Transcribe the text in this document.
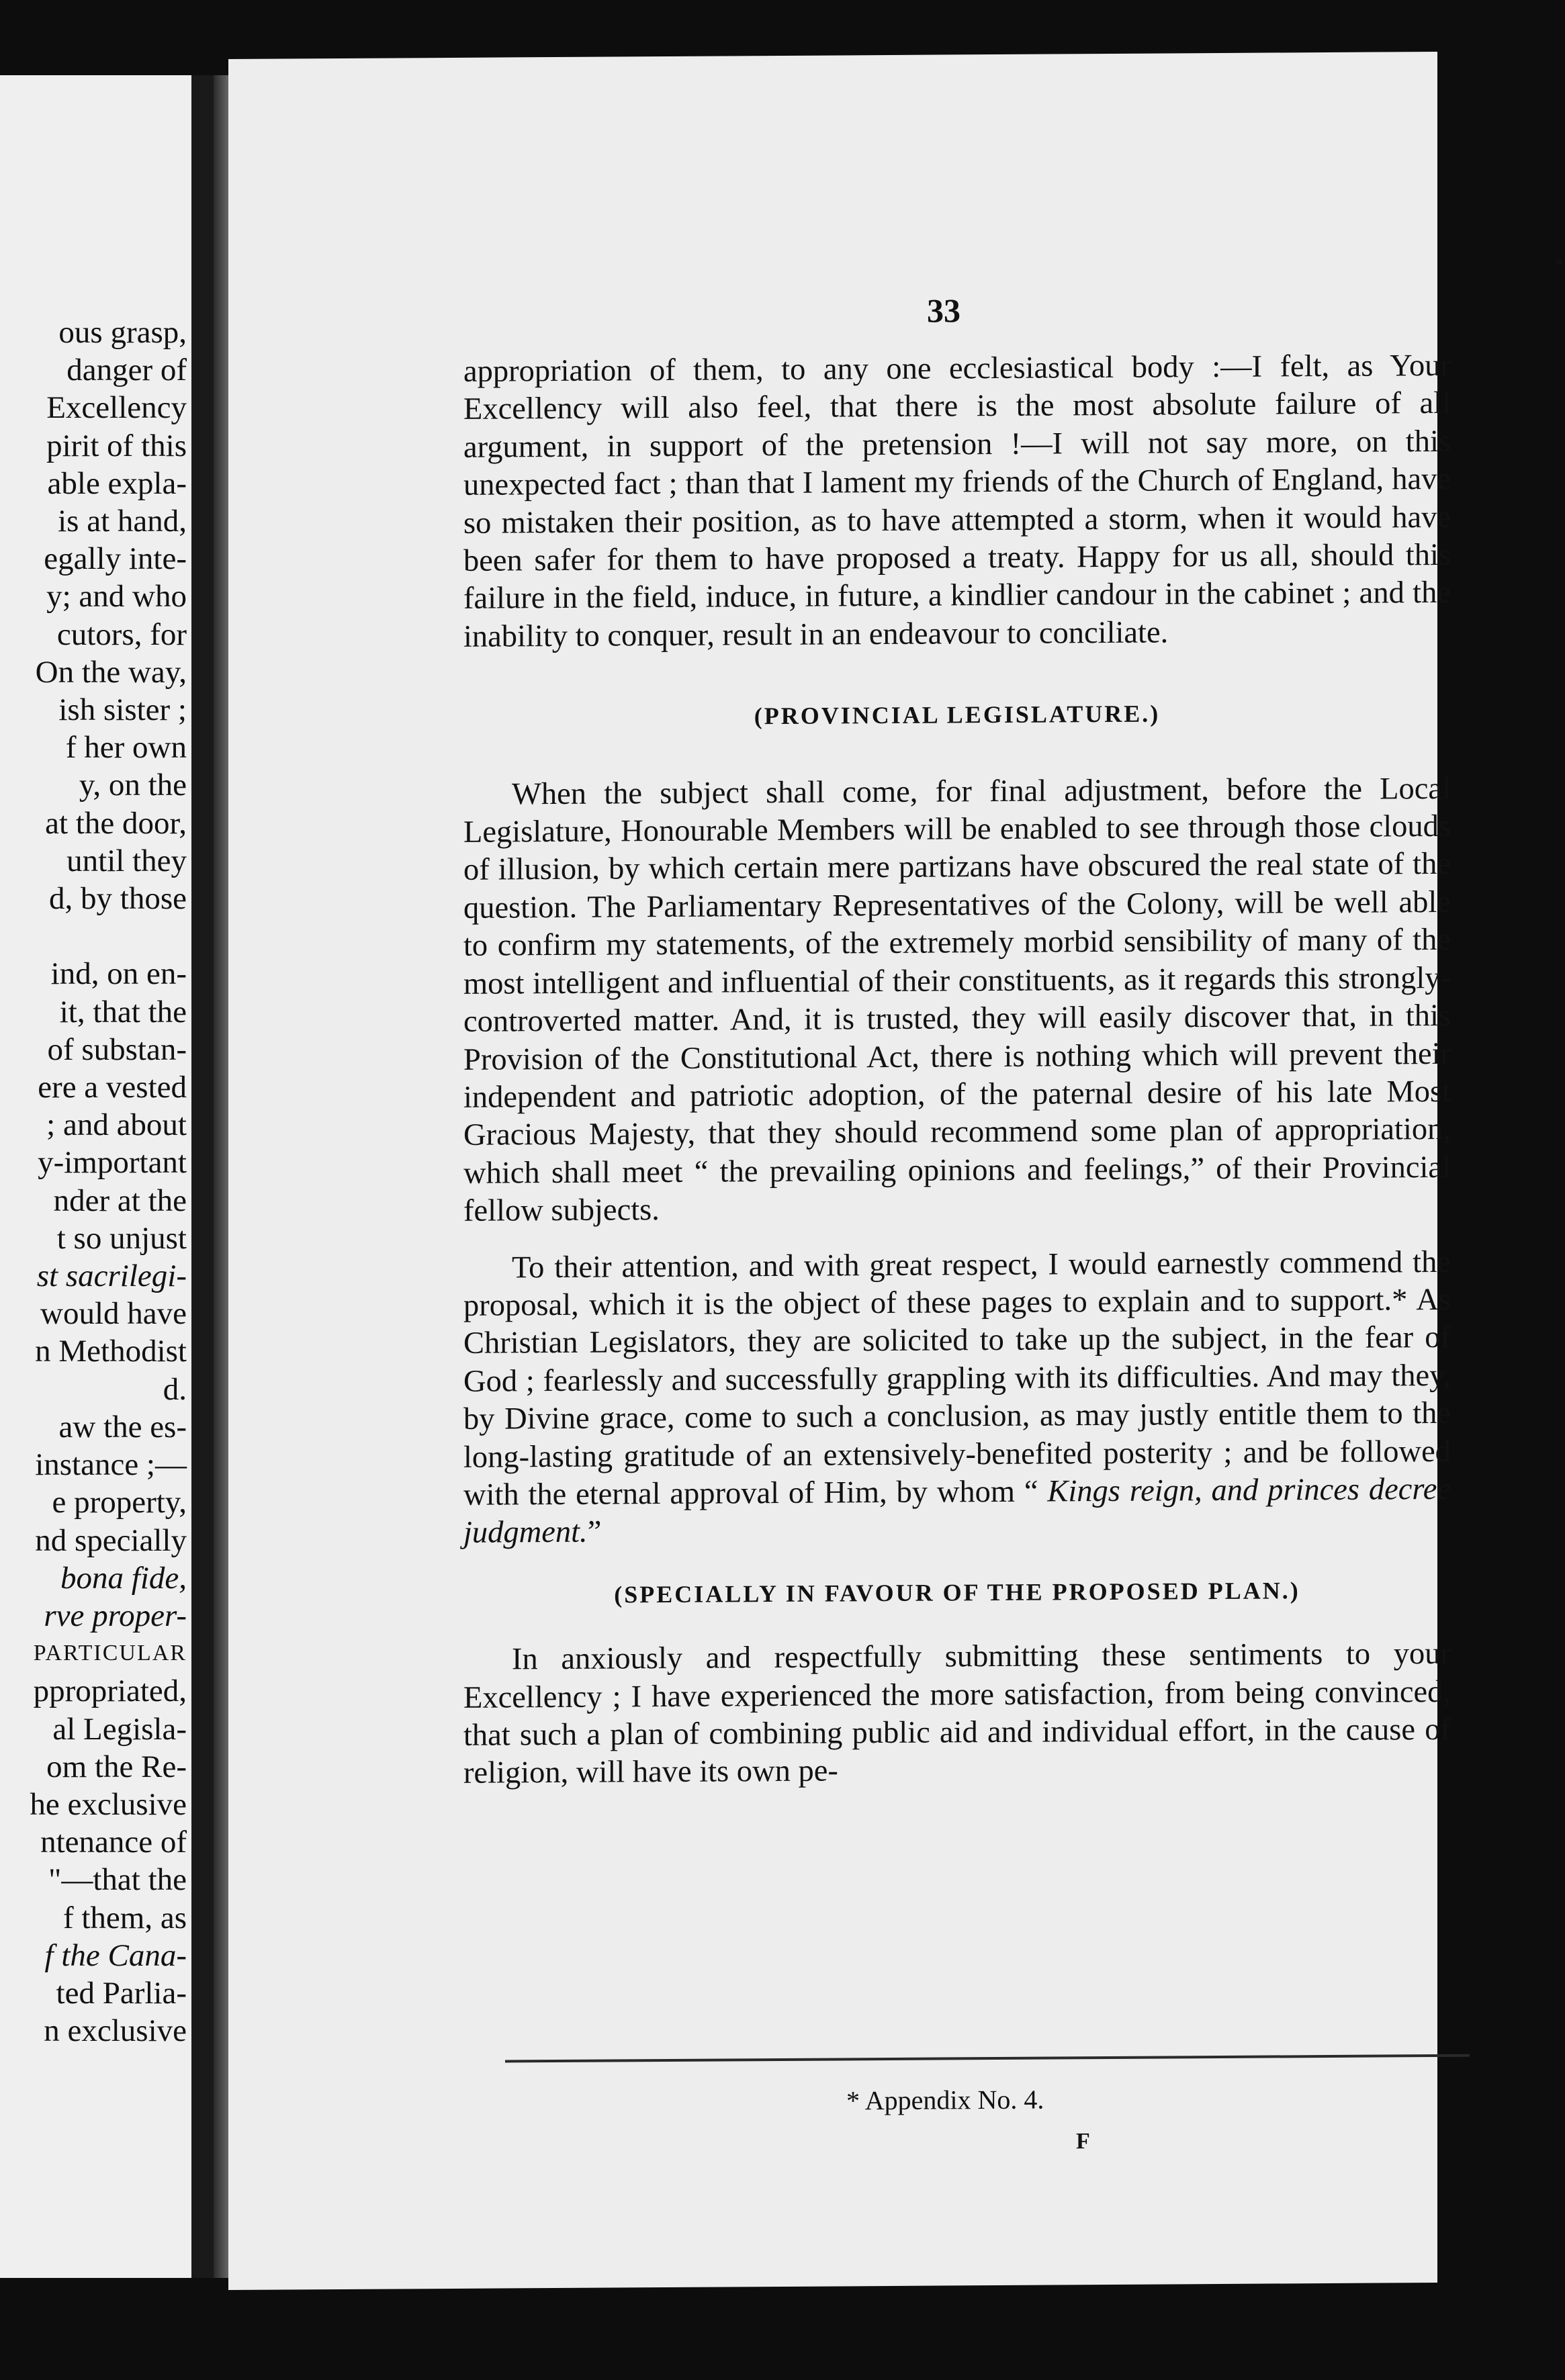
ous grasp,
danger of
Excellency
pirit of this
able expla-
is at hand,
egally inte-
y; and who
cutors, for
On the way,
ish sister ;
f her own
y, on the
at the door,
until they
d, by those

ind, on en-
it, that the
of substan-
ere a vested
; and about
y-important
nder at the
t so unjust
st sacrilegi-
would have
n Methodist
d.
aw the es-
instance ;—
e property,
nd specially
bona fide,
rve proper-
PARTICULAR
ppropriated,
al Legisla-
om the Re-
he exclusive
ntenance of
"—that the
f them, as
f the Cana-
ted Parlia-
n exclusive
•
33

appropriation of them, to any one ecclesiastical body :—I felt, as Your Excellency will also feel, that there is the most absolute failure of all argument, in support of the pretension !—I will not say more, on this unexpected fact ; than that I lament my friends of the Church of England, have so mistaken their position, as to have attempted a storm, when it would have been safer for them to have proposed a treaty. Happy for us all, should this failure in the field, induce, in future, a kindlier candour in the cabinet ; and the inability to conquer, result in an endeavour to conciliate.

(PROVINCIAL LEGISLATURE.)

When the subject shall come, for final adjustment, before the Local Legislature, Honourable Members will be enabled to see through those clouds of illusion, by which certain mere partizans have obscured the real state of the question. The Parliamentary Representatives of the Colony, will be well able to confirm my statements, of the extremely morbid sensibility of many of the most intelligent and influential of their constituents, as it regards this strongly-controverted matter. And, it is trusted, they will easily discover that, in this Provision of the Constitutional Act, there is nothing which will prevent their independent and patriotic adoption, of the paternal desire of his late Most Gracious Majesty, that they should recommend some plan of appropriation, which shall meet “ the prevailing opinions and feelings,” of their Provincial fellow subjects.

To their attention, and with great respect, I would earnestly commend the proposal, which it is the object of these pages to explain and to support.* As Christian Legislators, they are solicited to take up the subject, in the fear of God ; fearlessly and successfully grappling with its difficulties. And may they, by Divine grace, come to such a conclusion, as may justly entitle them to the long-lasting gratitude of an extensively-benefited posterity ; and be followed with the eternal approval of Him, by whom “ Kings reign, and princes decree judgment.”

(SPECIALLY IN FAVOUR OF THE PROPOSED PLAN.)

In anxiously and respectfully submitting these sentiments to your Excellency ; I have experienced the more satisfaction, from being convinced, that such a plan of combining public aid and individual effort, in the cause of religion, will have its own pe-

* Appendix No. 4.
F
